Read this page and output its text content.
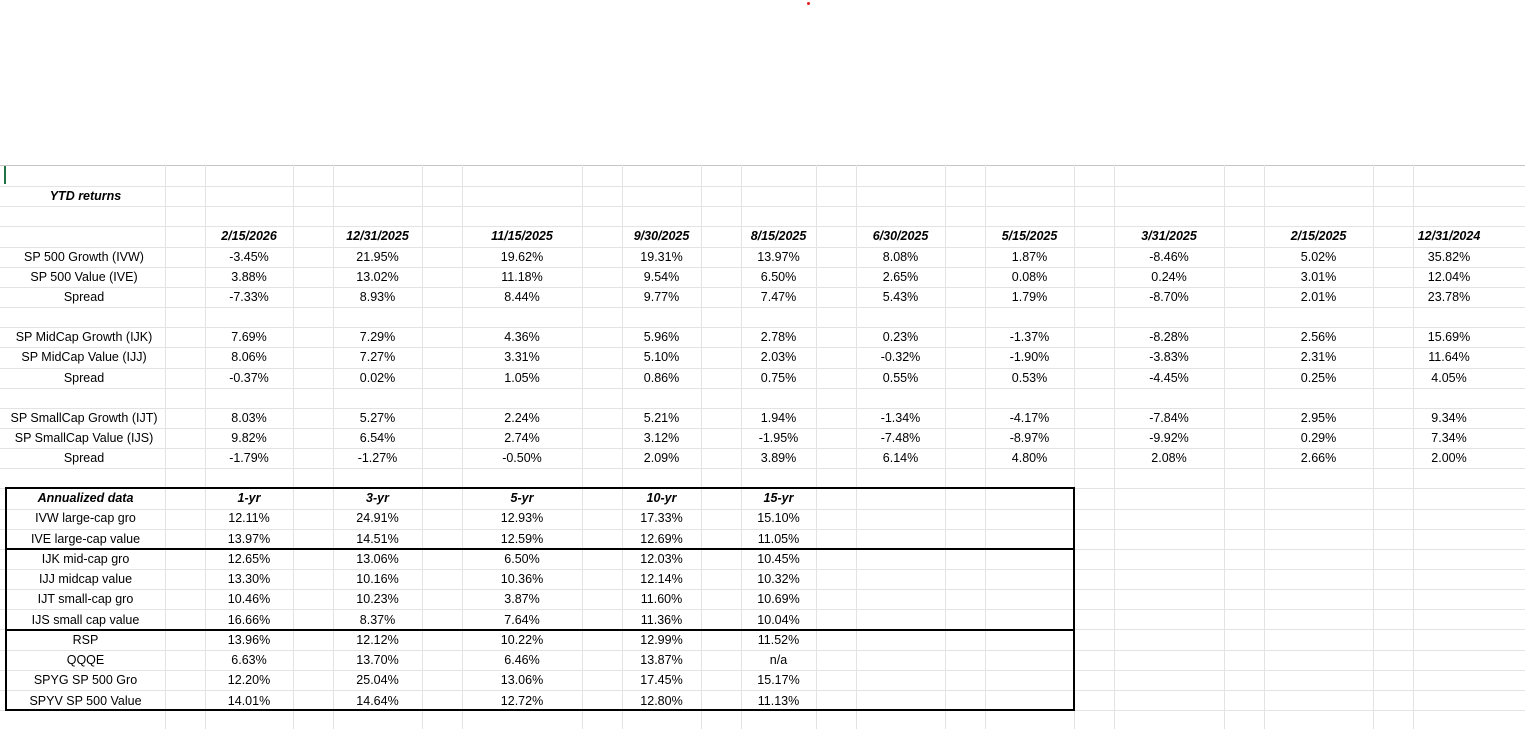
YTD returns
2/15/2026	12/31/2025	11/15/2025	9/30/2025	8/15/2025	6/30/2025	5/15/2025	3/31/2025	2/15/2025	12/31/2024
SP 500 Growth (IVW)	-3.45%	21.95%	19.62%	19.31%	13.97%	8.08%	1.87%	-8.46%	5.02%	35.82%
SP 500 Value (IVE)	3.88%	13.02%	11.18%	9.54%	6.50%	2.65%	0.08%	0.24%	3.01%	12.04%
Spread	-7.33%	8.93%	8.44%	9.77%	7.47%	5.43%	1.79%	-8.70%	2.01%	23.78%
SP MidCap Growth (IJK)	7.69%	7.29%	4.36%	5.96%	2.78%	0.23%	-1.37%	-8.28%	2.56%	15.69%
SP MidCap Value (IJJ)	8.06%	7.27%	3.31%	5.10%	2.03%	-0.32%	-1.90%	-3.83%	2.31%	11.64%
Spread	-0.37%	0.02%	1.05%	0.86%	0.75%	0.55%	0.53%	-4.45%	0.25%	4.05%
SP SmallCap Growth (IJT)	8.03%	5.27%	2.24%	5.21%	1.94%	-1.34%	-4.17%	-7.84%	2.95%	9.34%
SP SmallCap Value (IJS)	9.82%	6.54%	2.74%	3.12%	-1.95%	-7.48%	-8.97%	-9.92%	0.29%	7.34%
Spread	-1.79%	-1.27%	-0.50%	2.09%	3.89%	6.14%	4.80%	2.08%	2.66%	2.00%
Annualized data	1-yr	3-yr	5-yr	10-yr	15-yr
IVW large-cap gro	12.11%	24.91%	12.93%	17.33%	15.10%
IVE large-cap value	13.97%	14.51%	12.59%	12.69%	11.05%
IJK mid-cap gro	12.65%	13.06%	6.50%	12.03%	10.45%
IJJ midcap value	13.30%	10.16%	10.36%	12.14%	10.32%
IJT small-cap gro	10.46%	10.23%	3.87%	11.60%	10.69%
IJS small cap value	16.66%	8.37%	7.64%	11.36%	10.04%
RSP	13.96%	12.12%	10.22%	12.99%	11.52%
QQQE	6.63%	13.70%	6.46%	13.87%	n/a
SPYG SP 500 Gro	12.20%	25.04%	13.06%	17.45%	15.17%
SPYV SP 500 Value	14.01%	14.64%	12.72%	12.80%	11.13%
